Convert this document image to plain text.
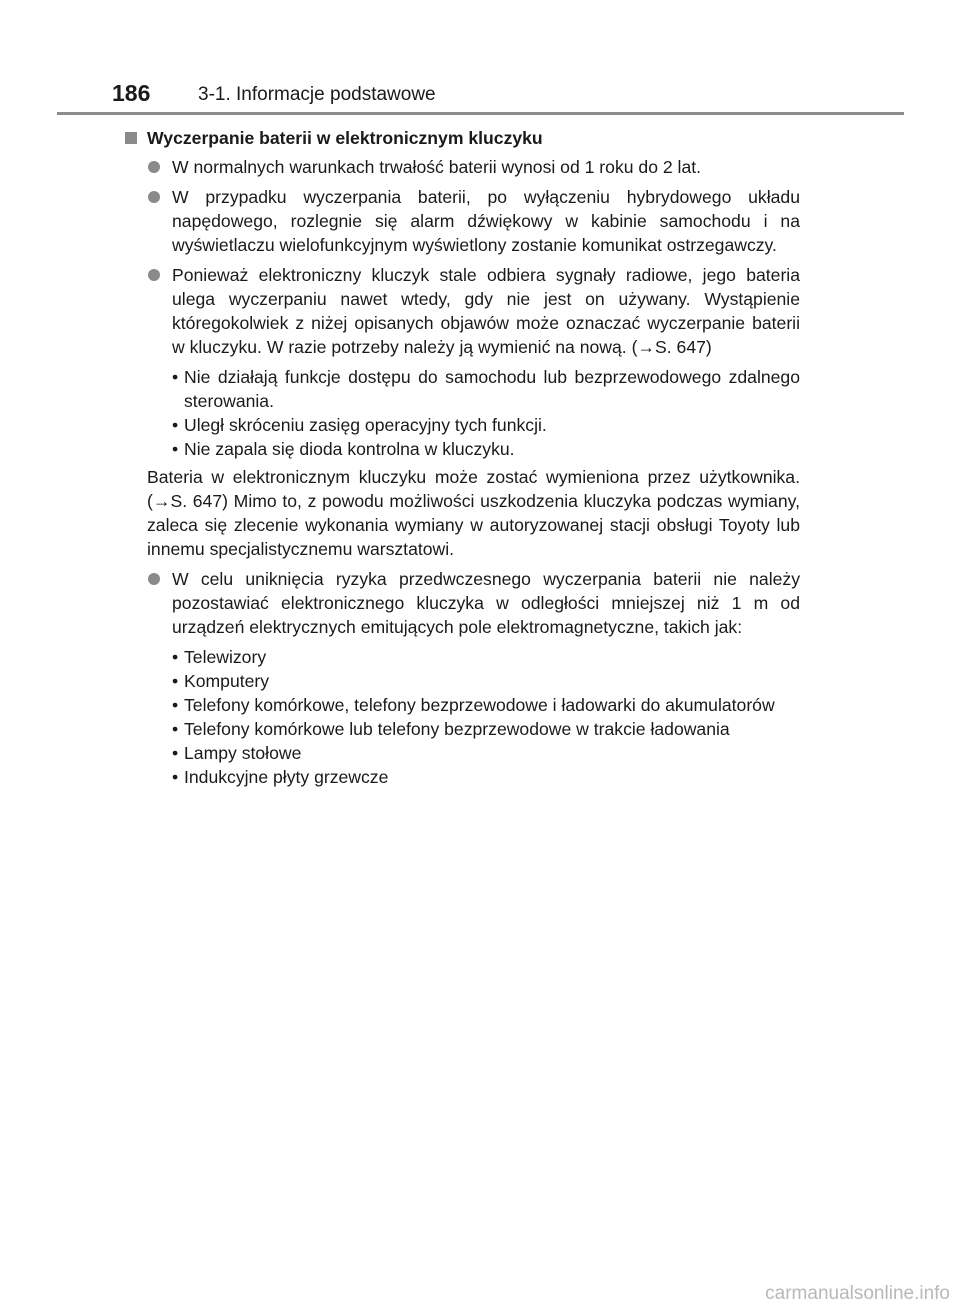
186	3-1. Informacje podstawowe
Wyczerpanie baterii w elektronicznym kluczyku
W normalnych warunkach trwałość baterii wynosi od 1 roku do 2 lat.
W przypadku wyczerpania baterii, po wyłączeniu hybrydowego układu napędowego, rozlegnie się alarm dźwiękowy w kabinie samochodu i na wyświetlaczu wielofunkcyjnym wyświetlony zostanie komunikat ostrzegawczy.
Ponieważ elektroniczny kluczyk stale odbiera sygnały radiowe, jego bateria ulega wyczerpaniu nawet wtedy, gdy nie jest on używany. Wystąpienie któregokolwiek z niżej opisanych objawów może oznaczać wyczerpanie baterii w kluczyku. W razie potrzeby należy ją wymienić na nową. (→S. 647)
• Nie działają funkcje dostępu do samochodu lub bezprzewodowego zdalnego sterowania.
• Uległ skróceniu zasięg operacyjny tych funkcji.
• Nie zapala się dioda kontrolna w kluczyku.

Bateria w elektronicznym kluczyku może zostać wymieniona przez użytkownika. (→S. 647) Mimo to, z powodu możliwości uszkodzenia kluczyka podczas wymiany, zaleca się zlecenie wykonania wymiany w autoryzowanej stacji obsługi Toyoty lub innemu specjalistycznemu warsztatowi.

W celu uniknięcia ryzyka przedwczesnego wyczerpania baterii nie należy pozostawiać elektronicznego kluczyka w odległości mniejszej niż 1 m od urządzeń elektrycznych emitujących pole elektromagnetyczne, takich jak:
• Telewizory
• Komputery
• Telefony komórkowe, telefony bezprzewodowe i ładowarki do akumulatorów
• Telefony komórkowe lub telefony bezprzewodowe w trakcie ładowania
• Lampy stołowe
• Indukcyjne płyty grzewcze
carmanualsonline.info
